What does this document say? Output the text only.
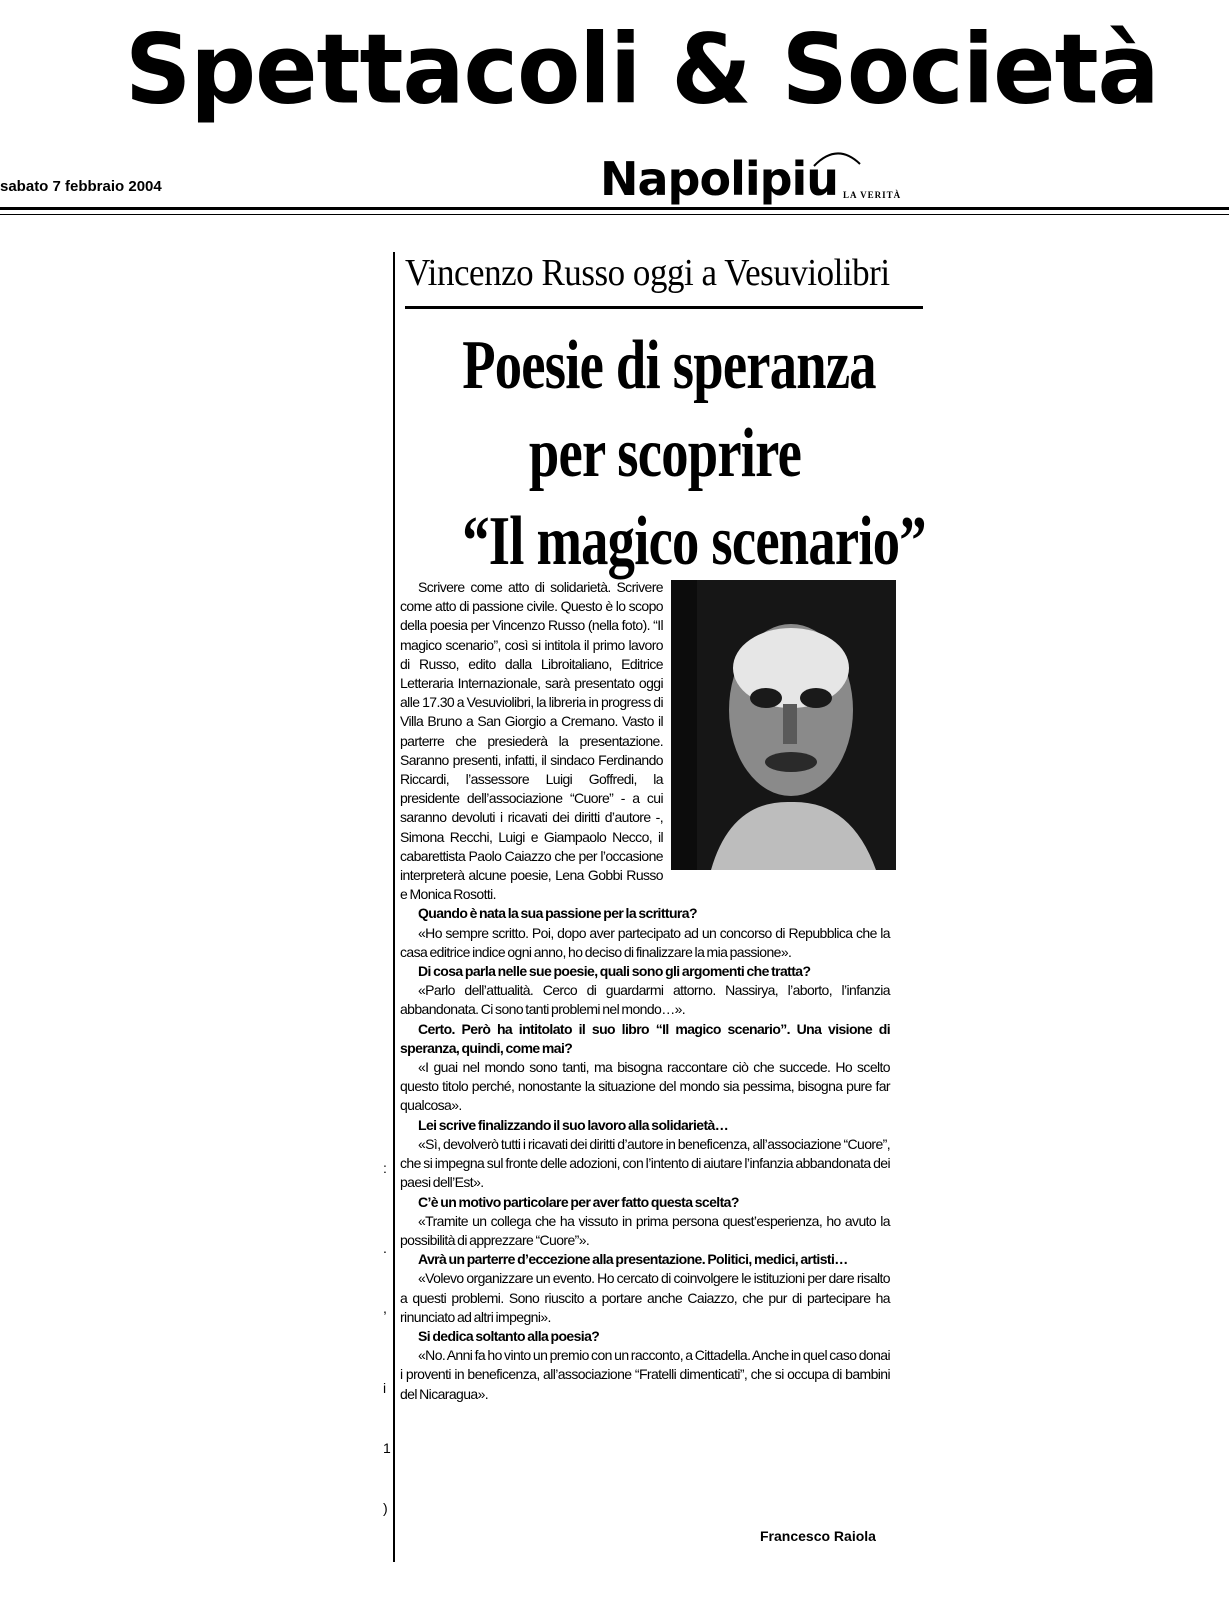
Spettacoli & Società
sabato 7 febbraio 2004	Napolipiu LA VERITÀ
Vincenzo Russo oggi a Vesuviolibri
Poesie di speranza
per scoprire
“Il magico scenario”

Scrivere come atto di solidarietà. Scrivere come atto di passione civile. Questo è lo scopo della poesia per Vincenzo Russo (nella foto). “Il magico scenario”, così si intitola il primo lavoro di Russo, edito dalla Libroitaliano, Editrice Letteraria Internazionale, sarà presentato oggi alle 17.30 a Vesuviolibri, la libreria in progress di Villa Bruno a San Giorgio a Cremano. Vasto il parterre che presiederà la presentazione. Saranno presenti, infatti, il sindaco Ferdinando Riccardi, l’assessore Luigi Goffredi, la presidente dell’associazione “Cuore” - a cui saranno devoluti i ricavati dei diritti d’autore -, Simona Recchi, Luigi e Giampaolo Necco, il cabarettista Paolo Caiazzo che per l’occasione interpreterà alcune poesie, Lena Gobbi Russo e Monica Rosotti.

Quando è nata la sua passione per la scrittura?

«Ho sempre scritto. Poi, dopo aver partecipato ad un concorso di Repubblica che la casa editrice indice ogni anno, ho deciso di finalizzare la mia passione».

Di cosa parla nelle sue poesie, quali sono gli argomenti che tratta?

«Parlo dell’attualità. Cerco di guardarmi attorno. Nassirya, l’aborto, l’infanzia abbandonata. Ci sono tanti problemi nel mondo…».

Certo. Però ha intitolato il suo libro “Il magico scenario”. Una visione di speranza, quindi, come mai?

«I guai nel mondo sono tanti, ma bisogna raccontare ciò che succede. Ho scelto questo titolo perché, nonostante la situazione del mondo sia pessima, bisogna pure far qualcosa».

Lei scrive finalizzando il suo lavoro alla solidarietà…

«Sì, devolverò tutti i ricavati dei diritti d’autore in beneficenza, all’associazione “Cuore”, che si impegna sul fronte delle adozioni, con l’intento di aiutare l’infanzia abbandonata dei paesi dell’Est».

C’è un motivo particolare per aver fatto questa scelta?

«Tramite un collega che ha vissuto in prima persona quest’esperienza, ho avuto la possibilità di apprezzare “Cuore”».

Avrà un parterre d’eccezione alla presentazione. Politici, medici, artisti…

«Volevo organizzare un evento. Ho cercato di coinvolgere le istituzioni per dare risalto a questi problemi. Sono riuscito a portare anche Caiazzo, che pur di partecipare ha rinunciato ad altri impegni».

Si dedica soltanto alla poesia?

«No. Anni fa ho vinto un premio con un racconto, a Cittadella. Anche in quel caso donai i proventi in beneficenza, all’associazione “Fratelli dimenticati”, che si occupa di bambini del Nicaragua».

Francesco Raiola
:
.
,
i
1
)
